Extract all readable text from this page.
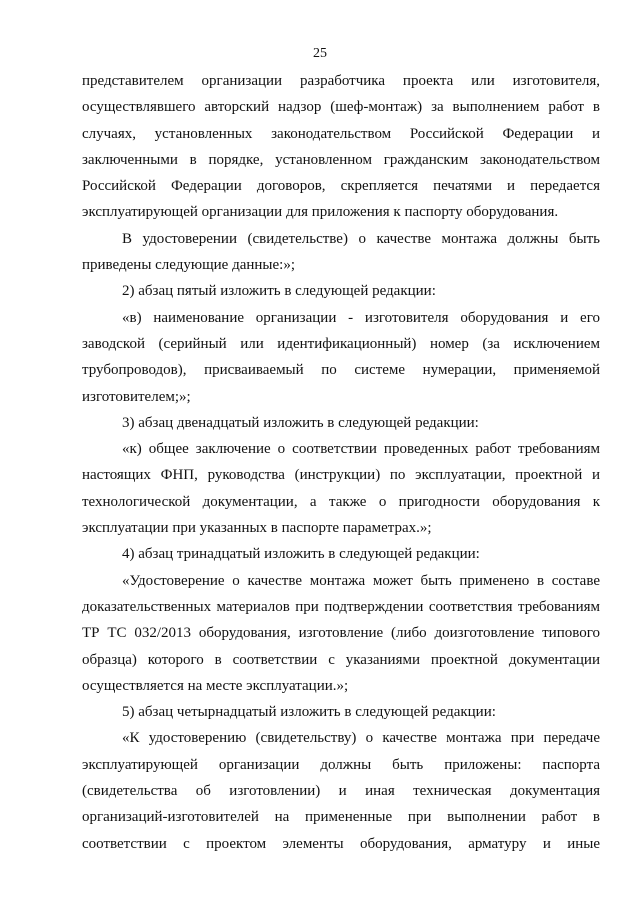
25

представителем организации разработчика проекта или изготовителя, осуществлявшего авторский надзор (шеф-монтаж) за выполнением работ в случаях, установленных законодательством Российской Федерации и заключенными в порядке, установленном гражданским законодательством Российской Федерации договоров, скрепляется печатями и передается эксплуатирующей организации для приложения к паспорту оборудования.

В удостоверении (свидетельстве) о качестве монтажа должны быть приведены следующие данные:»;

2) абзац пятый изложить в следующей редакции:

«в) наименование организации - изготовителя оборудования и его заводской (серийный или идентификационный) номер (за исключением трубопроводов), присваиваемый по системе нумерации, применяемой изготовителем;»;

3) абзац двенадцатый изложить в следующей редакции:

«к) общее заключение о соответствии проведенных работ требованиям настоящих ФНП, руководства (инструкции) по эксплуатации, проектной и технологической документации, а также о пригодности оборудования к эксплуатации при указанных в паспорте параметрах.»;

4) абзац тринадцатый изложить в следующей редакции:

«Удостоверение о качестве монтажа может быть применено в составе доказательственных материалов при подтверждении соответствия требованиям ТР ТС 032/2013 оборудования, изготовление (либо доизготовление типового образца) которого в соответствии с указаниями проектной документации осуществляется на месте эксплуатации.»;

5) абзац четырнадцатый изложить в следующей редакции:

«К удостоверению (свидетельству) о качестве монтажа при передаче эксплуатирующей организации должны быть приложены: паспорта (свидетельства об изготовлении) и иная техническая документация организаций-изготовителей на примененные при выполнении работ в соответствии с проектом элементы оборудования, арматуру и иные
